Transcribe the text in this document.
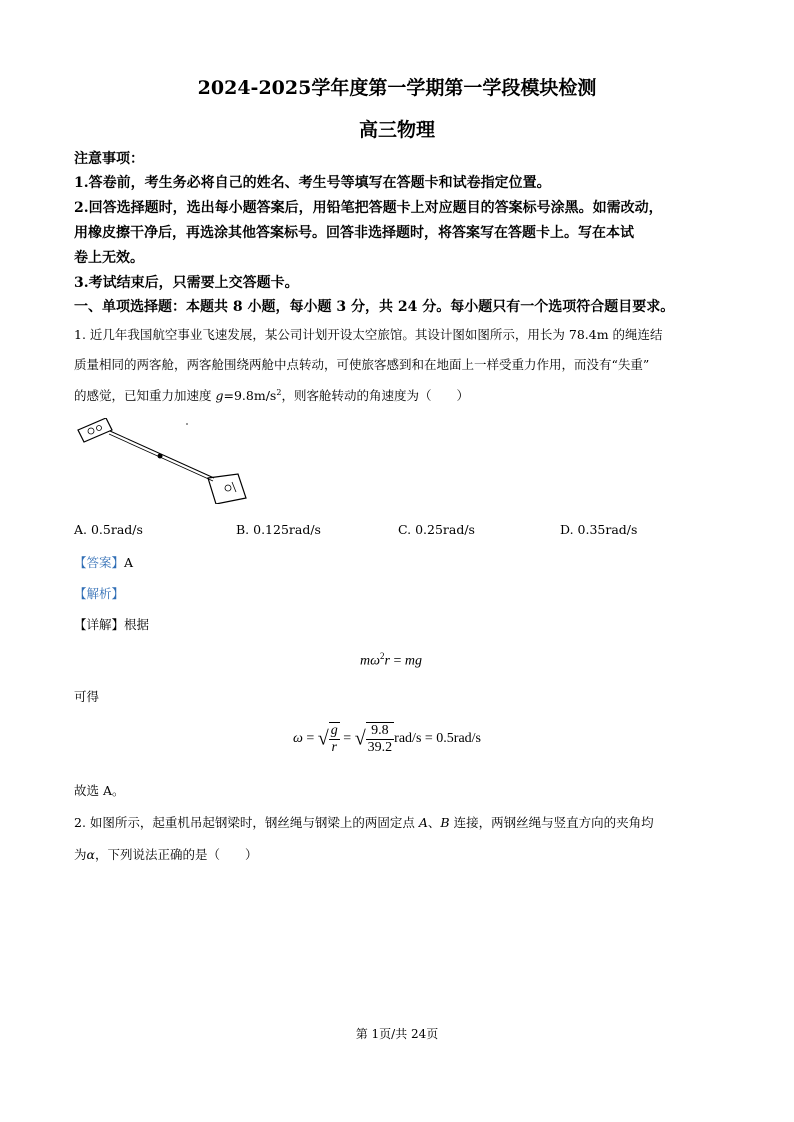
2024-2025学年度第一学期第一学段模块检测
高三物理
注意事项：
1.答卷前，考生务必将自己的姓名、考生号等填写在答题卡和试卷指定位置。
2.回答选择题时，选出每小题答案后，用铅笔把答题卡上对应题目的答案标号涂黑。如需改动，
用橡皮擦干净后，再选涂其他答案标号。回答非选择题时，将答案写在答题卡上。写在本试
卷上无效。
3.考试结束后，只需要上交答题卡。
一、单项选择题：本题共 8 小题，每小题 3 分，共 24 分。每小题只有一个选项符合题目要求。
1. 近几年我国航空事业飞速发展，某公司计划开设太空旅馆。其设计图如图所示，用长为 78.4m 的绳连结
质量相同的两客舱，两客舱围绕两舱中点转动，可使旅客感到和在地面上一样受重力作用，而没有“失重”
的感觉，已知重力加速度 $g=9.8m/s^2$，则客舱转动的角速度为（　　）
A. 0.5rad/s	B. 0.125rad/s	C. 0.25rad/s	D. 0.35rad/s
【答案】A
【解析】
【详解】根据
$m\omega^2r$ = mg
可得
ω = √ $\frac{g}{r}$ = √ $\frac{9.8}{39.2} rad/s = 0.5rad/s$
故选 A。
2. 如图所示，起重机吊起钢梁时，钢丝绳与钢梁上的两固定点 A、B 连接，两钢丝绳与竖直方向的夹角均
为α，下列说法正确的是（　　）
第 1页/共 24页
